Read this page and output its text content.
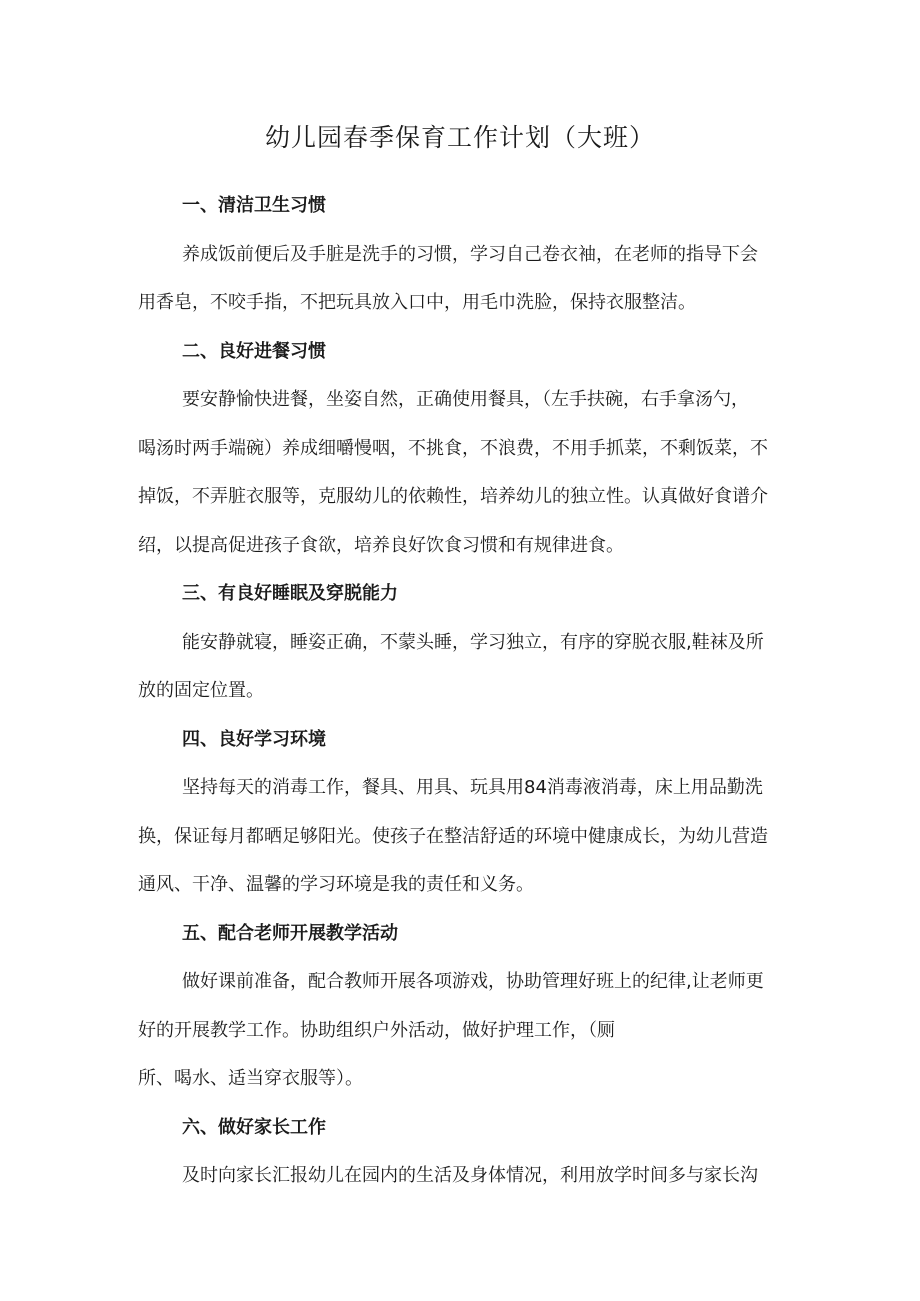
幼儿园春季保育工作计划（大班）

一、清洁卫生习惯

养成饭前便后及手脏是洗手的习惯，学习自己卷衣袖，在老师的指导下会
用香皂，不咬手指，不把玩具放入口中，用毛巾洗脸，保持衣服整洁。

二、良好进餐习惯

要安静愉快进餐，坐姿自然，正确使用餐具，（左手扶碗，右手拿汤勺，
喝汤时两手端碗）养成细嚼慢咽，不挑食，不浪费，不用手抓菜，不剩饭菜，不
掉饭，不弄脏衣服等，克服幼儿的依赖性，培养幼儿的独立性。认真做好食谱介
绍，以提高促进孩子食欲，培养良好饮食习惯和有规律进食。

三、有良好睡眠及穿脱能力

能安静就寝，睡姿正确，不蒙头睡，学习独立，有序的穿脱衣服,鞋袜及所
放的固定位置。

四、良好学习环境

坚持每天的消毒工作，餐具、用具、玩具用84消毒液消毒，床上用品勤洗
换，保证每月都晒足够阳光。使孩子在整洁舒适的环境中健康成长，为幼儿营造
通风、干净、温馨的学习环境是我的责任和义务。

五、配合老师开展教学活动

做好课前准备，配合教师开展各项游戏，协助管理好班上的纪律,让老师更
好的开展教学工作。协助组织户外活动，做好护理工作，（厕
所、喝水、适当穿衣服等）。

六、做好家长工作

及时向家长汇报幼儿在园内的生活及身体情况，利用放学时间多与家长沟
